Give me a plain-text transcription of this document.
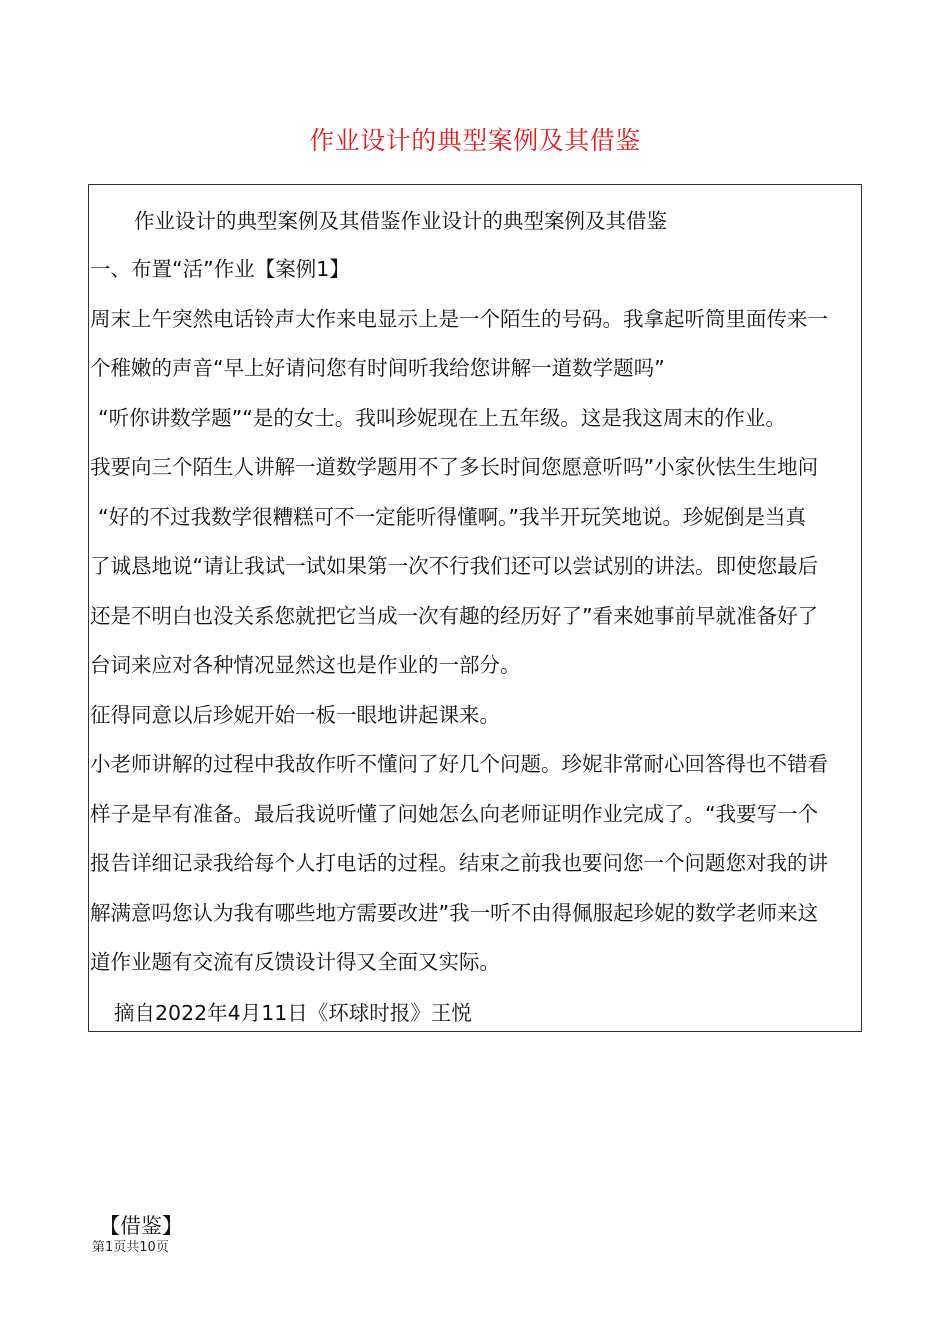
作业设计的典型案例及其借鉴
作业设计的典型案例及其借鉴作业设计的典型案例及其借鉴
一、布置“活”作业【案例1】
周末上午突然电话铃声大作来电显示上是一个陌生的号码。我拿起听筒里面传来一
个稚嫩的声音“早上好请问您有时间听我给您讲解一道数学题吗”
“听你讲数学题”“是的女士。我叫珍妮现在上五年级。这是我这周末的作业。
我要向三个陌生人讲解一道数学题用不了多长时间您愿意听吗”小家伙怯生生地问
“好的不过我数学很糟糕可不一定能听得懂啊。”我半开玩笑地说。珍妮倒是当真
了诚恳地说“请让我试一试如果第一次不行我们还可以尝试别的讲法。即使您最后
还是不明白也没关系您就把它当成一次有趣的经历好了”看来她事前早就准备好了
台词来应对各种情况显然这也是作业的一部分。
征得同意以后珍妮开始一板一眼地讲起课来。
小老师讲解的过程中我故作听不懂问了好几个问题。珍妮非常耐心回答得也不错看
样子是早有准备。最后我说听懂了问她怎么向老师证明作业完成了。“我要写一个
报告详细记录我给每个人打电话的过程。结束之前我也要问您一个问题您对我的讲
解满意吗您认为我有哪些地方需要改进”我一听不由得佩服起珍妮的数学老师来这
道作业题有交流有反馈设计得又全面又实际。
摘自2022年4月11日《环球时报》王悦
【借鉴】
第1页共10页
